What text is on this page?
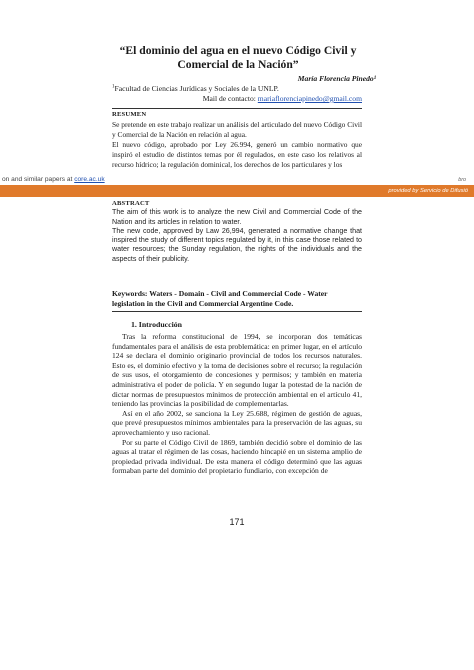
“El dominio del agua en el nuevo Código Civil y Comercial de la Nación”
María Florencia Pinedo¹
$^1$Facultad de Ciencias Jurídicas y Sociales de la UNLP.
Mail de contacto: mariaflorenciapinedo@gmail.com
RESUMEN

Se pretende en este trabajo realizar un análisis del articulado del nuevo Código Civil y Comercial de la Nación en relación al agua.

El nuevo código, aprobado por Ley 26.994, generó un cambio normativo que inspiró el estudio de distintos temas por él regulados, en este caso los relativos al recurso hídrico; la regulación dominical, los derechos de los particulares y los

on and similar papers at core.ac.uk	bro
provided by Servicio de Difusió
ABSTRACT

The aim of this work is to analyze the new Civil and Commercial Code of the Nation and its articles in relation to water.

The new code, approved by Law 26,994, generated a normative change that inspired the study of different topics regulated by it, in this case those related to water resources; the Sunday regulation, the rights of the individuals and the aspects of their publicity.

Keywords: Waters - Domain - Civil and Commercial Code - Water legislation in the Civil and Commercial Argentine Code.
1. Introducción

Tras la reforma constitucional de 1994, se incorporan dos temáticas fundamentales para el análisis de esta problemática: en primer lugar, en el artículo 124 se declara el dominio originario provincial de todos los recursos naturales. Esto es, el dominio efectivo y la toma de decisiones sobre el recurso; la regulación de sus usos, el otorgamiento de concesiones y permisos; y también en materia administrativa el poder de policía. Y en segundo lugar la potestad de la nación de dictar normas de presupuestos mínimos de protección ambiental en el artículo 41, teniendo las provincias la posibilidad de complementarlas.

Así en el año 2002, se sanciona la Ley 25.688, régimen de gestión de aguas, que prevé presupuestos mínimos ambientales para la preservación de las aguas, su aprovechamiento y uso racional.

Por su parte el Código Civil de 1869, también decidió sobre el dominio de las aguas al tratar el régimen de las cosas, haciendo hincapié en un sistema amplio de propiedad privada individual. De esta manera el código determinó que las aguas formaban parte del dominio del propietario fundiario, con excepción de

171
